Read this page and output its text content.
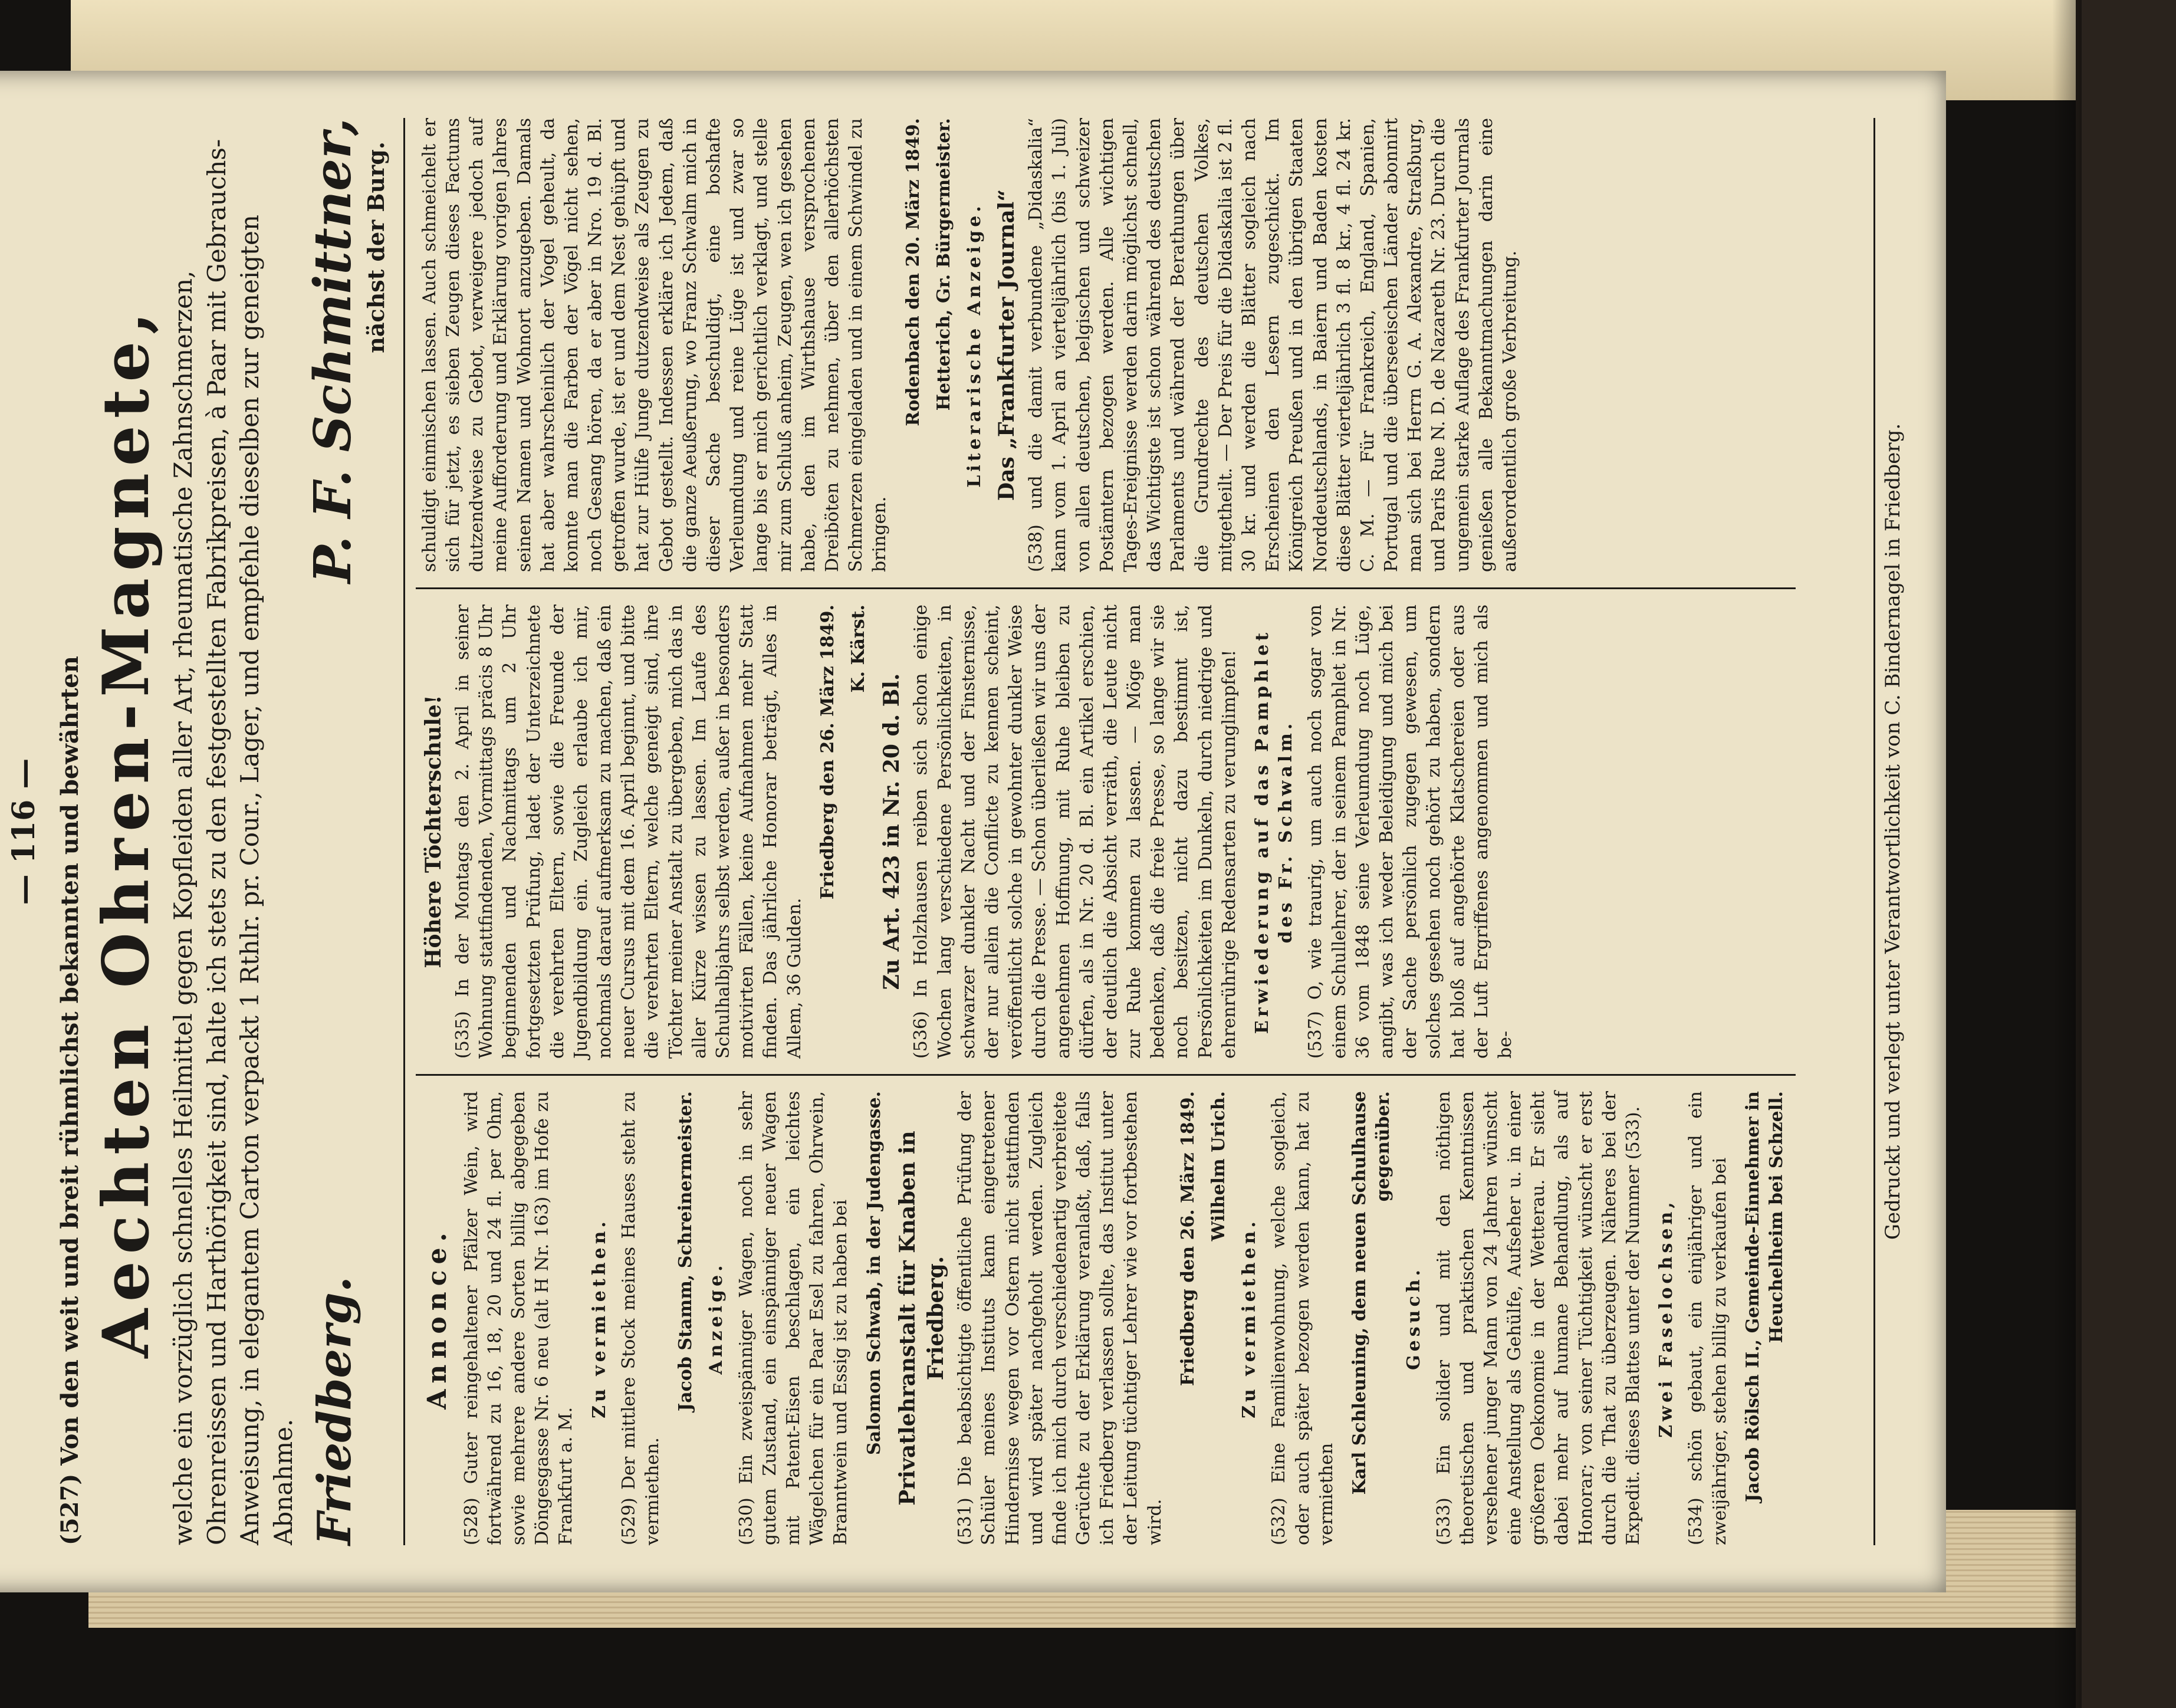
— 116 — (527) Von den weit und breit rühmlichst bekannten und bewährten Aechten Ohren-Magnete, welche ein vorzüglich schnelles Heilmittel gegen Kopfleiden aller Art, rheumatische Zahnschmerzen, Ohrenreissen und Harthörigkeit sind, halte ich stets zu den festgestellten Fabrikpreisen, à Paar mit Gebrauchs-Anweisung, in elegantem Carton verpackt 1 Rthlr. pr. Cour., Lager, und empfehle dieselben zur geneigten Abnahme. Friedberg.
P. F. Schmittner, nächst der Burg.
Annonce. (528) Guter reingehaltener Pfälzer Wein, wird fortwährend zu 16, 18, 20 und 24 fl. per Ohm, sowie mehrere andere Sorten billig abgegeben Döngesgasse Nr. 6 neu (alt H Nr. 163) im Hofe zu Frankfurt a. M.

Zu vermiethen. (529) Der mittlere Stock meines Hauses steht zu vermiethen.

Jacob Stamm, Schreinermeister. Anzeige. (530) Ein zweispänniger Wagen, noch in sehr gutem Zustand, ein einspänniger neuer Wagen mit Patent-Eisen beschlagen, ein leichtes Wägelchen für ein Paar Esel zu fahren, Ohrwein, Branntwein und Essig ist zu haben bei Salomon Schwab, in der Judengasse. Privatlehranstalt für Knaben in Friedberg. (531) Die beabsichtigte öffentliche Prüfung der Schüler meines Instituts kann eingetretener Hindernisse wegen vor Ostern nicht stattfinden und wird später nachgeholt werden. Zugleich finde ich mich durch verschiedenartig verbreitete Gerüchte zu der Erklärung veranlaßt, daß, falls ich Friedberg verlassen sollte, das Institut unter der Leitung tüchtiger Lehrer wie vor fortbestehen wird.

Friedberg den 26. März 1849. Wilhelm Urich.
Zu vermiethen. (532) Eine Familienwohnung, welche sogleich, oder auch später bezogen werden kann, hat zu vermiethen Karl Schleuning, dem neuen Schulhause gegenüber.
Gesuch. (533) Ein solider und mit den nöthigen theoretischen und praktischen Kenntnissen versehener junger Mann von 24 Jahren wünscht eine Anstellung als Gehülfe, Aufseher u. in einer größeren Oekonomie in der Wetterau. Er sieht dabei mehr auf humane Behandlung, als auf Honorar; von seiner Tüchtigkeit wünscht er erst durch die That zu überzeugen. Näheres bei der Expedit. dieses Blattes unter der Nummer (533). Zwei Faselochsen, (534) schön gebaut, ein einjähriger und ein zweijähriger, stehen billig zu verkaufen bei Jacob Rölsch II., Gemeinde-Einnehmer in Heuchelheim bei Schzell.
Höhere Töchterschule! (535) In der Montags den 2. April in seiner Wohnung stattfindenden, Vormittags präcis 8 Uhr beginnenden und Nachmittags um 2 Uhr fortgesetzten Prüfung, ladet der Unterzeichnete die verehrten Eltern, sowie die Freunde der Jugendbildung ein. Zugleich erlaube ich mir, nochmals darauf aufmerksam zu machen, daß ein neuer Cursus mit dem 16. April beginnt, und bitte die verehrten Eltern, welche geneigt sind, ihre Töchter meiner Anstalt zu übergeben, mich das in aller Kürze wissen zu lassen. Im Laufe des Schulhalbjahrs selbst werden, außer in besonders motivirten Fällen, keine Aufnahmen mehr Statt finden. Das jährliche Honorar beträgt, Alles in Allem, 36 Gulden.

Friedberg den 26. März 1849. K. Kärst.
Zu Art. 423 in Nr. 20 d. Bl. (536) In Holzhausen reiben sich schon einige Wochen lang verschiedene Persönlichkeiten, in schwarzer dunkler Nacht und der Finsternisse, der nur allein die Conflicte zu kennen scheint, veröffentlicht solche in gewohnter dunkler Weise durch die Presse. — Schon überließen wir uns der angenehmen Hoffnung, mit Ruhe bleiben zu dürfen, als in Nr. 20 d. Bl. ein Artikel erschien, der deutlich die Absicht verräth, die Leute nicht zur Ruhe kommen zu lassen. — Möge man bedenken, daß die freie Presse, so lange wir sie noch besitzen, nicht dazu bestimmt ist, Persönlichkeiten im Dunkeln, durch niedrige und ehrenrührige Redensarten zu verunglimpfen! Erwiederung auf das Pamphlet des Fr. Schwalm. (537) O, wie traurig, um auch noch sogar von einem Schullehrer, der in seinem Pamphlet in Nr. 36 vom 1848 seine Verleumdung noch Lüge, angibt, was ich weder Beleidigung und mich bei der Sache persönlich zugegen gewesen, um solches gesehen noch gehört zu haben, sondern hat bloß auf angehörte Klatschereien oder aus der Luft Ergriffenes angenommen und mich als be-

schuldigt einmischen lassen. Auch schmeichelt er sich für jetzt, es sieben Zeugen dieses Factums dutzendweise zu Gebot, verweigere jedoch auf meine Aufforderung und Erklärung vorigen Jahres seinen Namen und Wohnort anzugeben. Damals hat aber wahrscheinlich der Vogel geheult, da konnte man die Farben der Vögel nicht sehen, noch Gesang hören, da er aber in Nro. 19 d. Bl. getroffen wurde, ist er und dem Nest gehüpft und hat zur Hülfe Junge dutzendweise als Zeugen zu Gebot gestellt. Indessen erkläre ich Jedem, daß die ganze Aeußerung, wo Franz Schwalm mich in dieser Sache beschuldigt, eine boshafte Verleumdung und reine Lüge ist und zwar so lange bis er mich gerichtlich verklagt, und stelle mir zum Schluß anheim, Zeugen, wen ich gesehen habe, den im Wirthshause versprochenen Dreiböten zu nehmen, über den allerhöchsten Schmerzen eingeladen und in einem Schwindel zu bringen.

Rodenbach den 20. März 1849. Hetterich, Gr. Bürgermeister. Literarische Anzeige. Das „Frankfurter Journal“ (538) und die damit verbundene „Didaskalia“ kann vom 1. April an vierteljährlich (bis 1. Juli) von allen deutschen, belgischen und schweizer Postämtern bezogen werden. Alle wichtigen Tages-Ereignisse werden darin möglichst schnell, das Wichtigste ist schon während des deutschen Parlaments und während der Berathungen über die Grundrechte des deutschen Volkes, mitgetheilt. — Der Preis für die Didaskalia ist 2 fl. 30 kr. und werden die Blätter sogleich nach Erscheinen den Lesern zugeschickt. Im Königreich Preußen und in den übrigen Staaten Norddeutschlands, in Baiern und Baden kosten diese Blätter vierteljährlich 3 fl. 8 kr., 4 fl. 24 kr. C. M. — Für Frankreich, England, Spanien, Portugal und die überseeischen Länder abonnirt man sich bei Herrn G. A. Alexandre, Straßburg, und Paris Rue N. D. de Nazareth Nr. 23. Durch die ungemein starke Auflage des Frankfurter Journals genießen alle Bekanntmachungen darin eine außerordentlich große Verbreitung.

Gedruckt und verlegt unter Verantwortlichkeit von C. Bindernagel in Friedberg.
